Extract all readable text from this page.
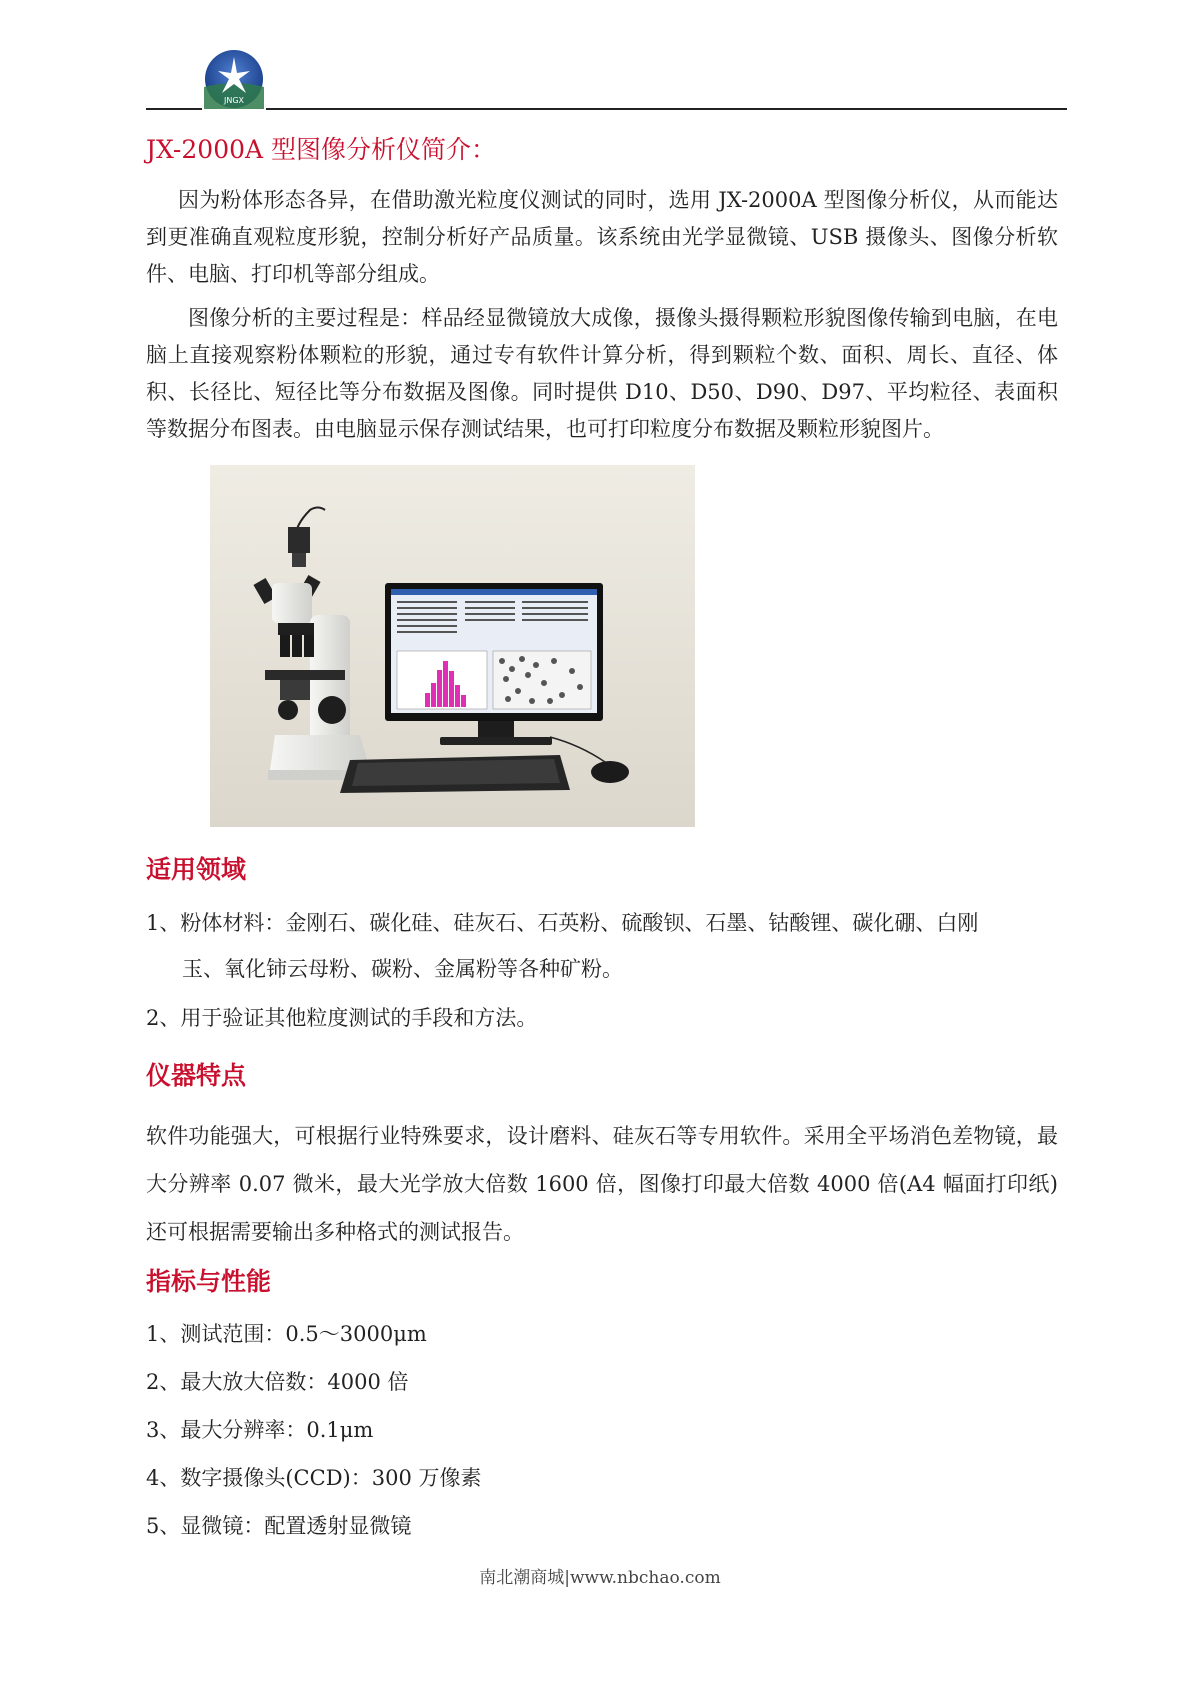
JNGX
JX-2000A 型图像分析仪简介：

因为粉体形态各异，在借助激光粒度仪测试的同时，选用 JX-2000A 型图像分析仪，从而能达到更准确直观粒度形貌，控制分析好产品质量。该系统由光学显微镜、USB 摄像头、图像分析软件、电脑、打印机等部分组成。

图像分析的主要过程是：样品经显微镜放大成像，摄像头摄得颗粒形貌图像传输到电脑，在电脑上直接观察粉体颗粒的形貌，通过专有软件计算分析，得到颗粒个数、面积、周长、直径、体积、长径比、短径比等分布数据及图像。同时提供 D10、D50、D90、D97、平均粒径、表面积等数据分布图表。由电脑显示保存测试结果，也可打印粒度分布数据及颗粒形貌图片。

适用领域

1、粉体材料：金刚石、碳化硅、硅灰石、石英粉、硫酸钡、石墨、钴酸锂、碳化硼、白刚

玉、氧化铈云母粉、碳粉、金属粉等各种矿粉。

2、用于验证其他粒度测试的手段和方法。

仪器特点

软件功能强大，可根据行业特殊要求，设计磨料、硅灰石等专用软件。采用全平场消色差物镜，最大分辨率 0.07 微米，最大光学放大倍数 1600 倍，图像打印最大倍数 4000 倍(A4 幅面打印纸) 还可根据需要输出多种格式的测试报告。

指标与性能

1、测试范围：0.5～3000μm

2、最大放大倍数：4000 倍

3、最大分辨率：0.1μm

4、数字摄像头(CCD)：300 万像素

5、显微镜：配置透射显微镜

南北潮商城|www.nbchao.com
